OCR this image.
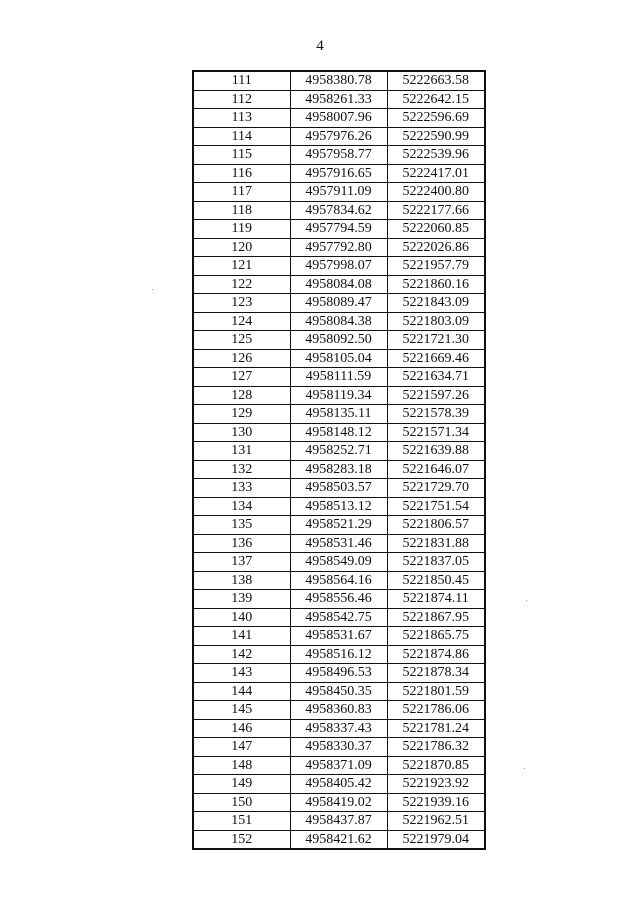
4
111	4958380.78	5222663.58
112	4958261.33	5222642.15
113	4958007.96	5222596.69
114	4957976.26	5222590.99
115	4957958.77	5222539.96
116	4957916.65	5222417.01
117	4957911.09	5222400.80
118	4957834.62	5222177.66
119	4957794.59	5222060.85
120	4957792.80	5222026.86
121	4957998.07	5221957.79
122	4958084.08	5221860.16
123	4958089.47	5221843.09
124	4958084.38	5221803.09
125	4958092.50	5221721.30
126	4958105.04	5221669.46
127	4958111.59	5221634.71
128	4958119.34	5221597.26
129	4958135.11	5221578.39
130	4958148.12	5221571.34
131	4958252.71	5221639.88
132	4958283.18	5221646.07
133	4958503.57	5221729.70
134	4958513.12	5221751.54
135	4958521.29	5221806.57
136	4958531.46	5221831.88
137	4958549.09	5221837.05
138	4958564.16	5221850.45
139	4958556.46	5221874.11
140	4958542.75	5221867.95
141	4958531.67	5221865.75
142	4958516.12	5221874.86
143	4958496.53	5221878.34
144	4958450.35	5221801.59
145	4958360.83	5221786.06
146	4958337.43	5221781.24
147	4958330.37	5221786.32
148	4958371.09	5221870.85
149	4958405.42	5221923.92
150	4958419.02	5221939.16
151	4958437.87	5221962.51
152	4958421.62	5221979.04
